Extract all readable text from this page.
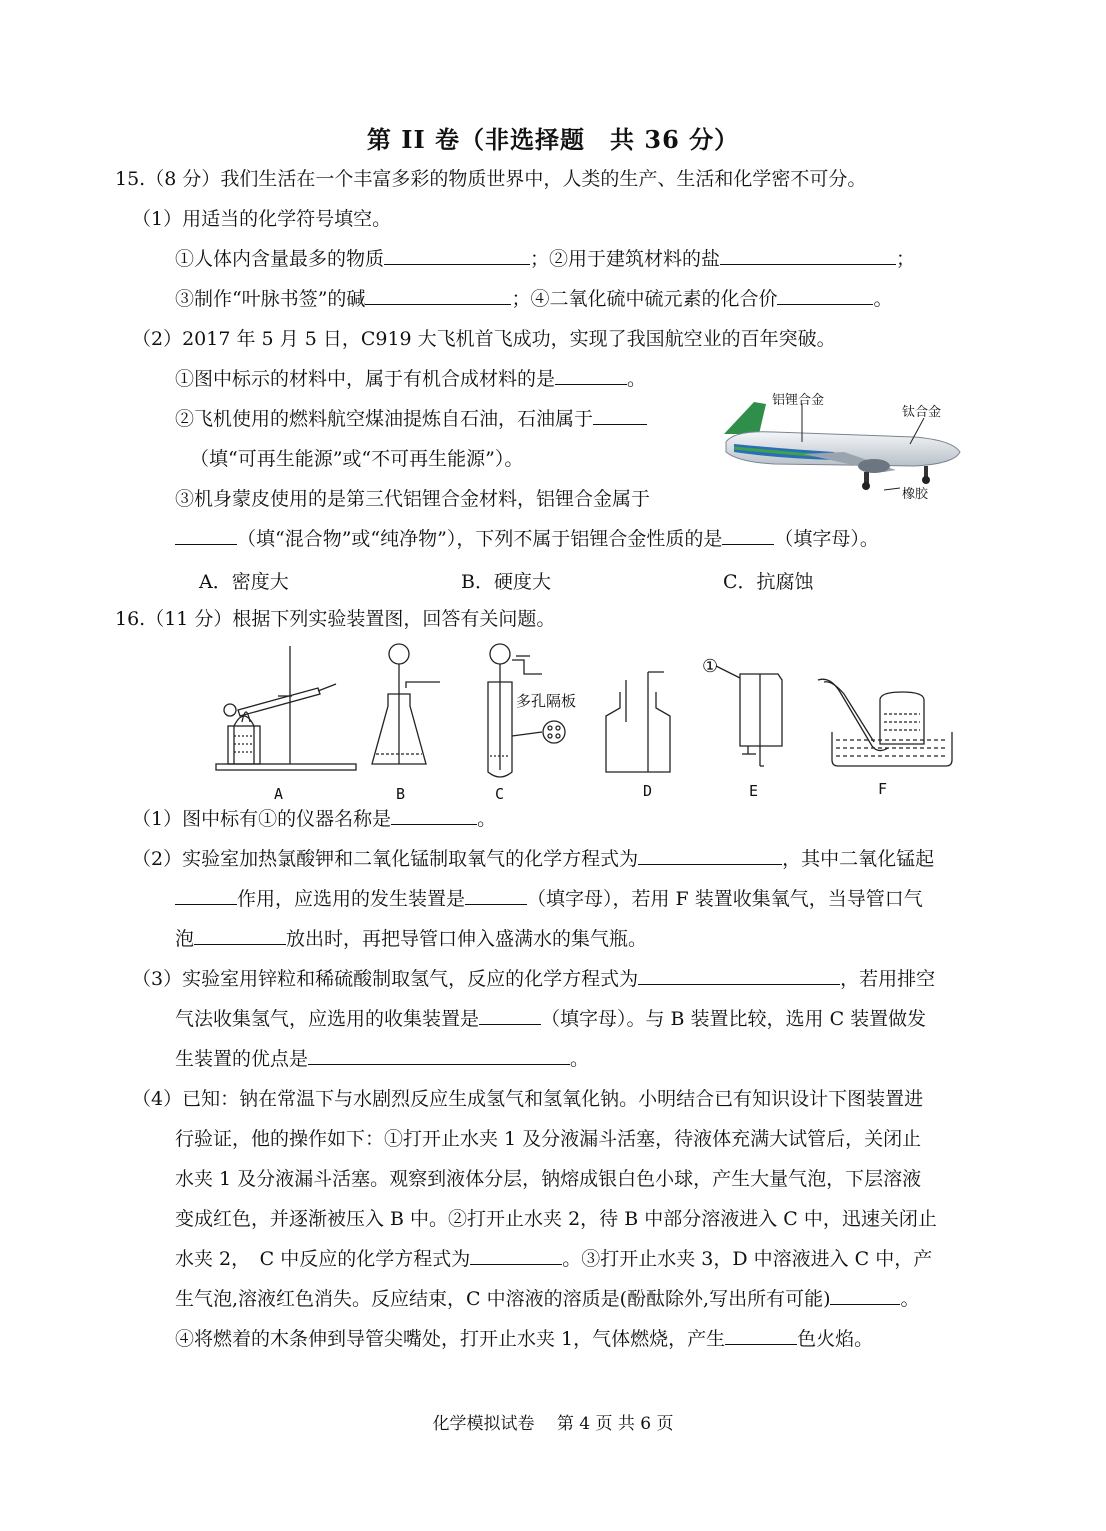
第 II 卷（非选择题　共 36 分）
15.（8 分）我们生活在一个丰富多彩的物质世界中，人类的生产、生活和化学密不可分。
（1）用适当的化学符号填空。
①人体内含量最多的物质	；②用于建筑材料的盐	；
③制作“叶脉书签”的碱	；④二氧化硫中硫元素的化合价	。
（2）2017 年 5 月 5 日，C919 大飞机首飞成功，实现了我国航空业的百年突破。
①图中标示的材料中，属于有机合成材料的是	。
②飞机使用的燃料航空煤油提炼自石油，石油属于
（填“可再生能源”或“不可再生能源”）。
③机身蒙皮使用的是第三代铝锂合金材料，铝锂合金属于
（填“混合物”或“纯净物”），下列不属于铝锂合金性质的是	（填字母）。
A．密度大	B．硬度大	C．抗腐蚀
铝锂合金
钛合金
橡胶
16.（11 分）根据下列实验装置图，回答有关问题。
多孔隔板
①
A	B	C	D	E	F
（1）图中标有①的仪器名称是	。
（2）实验室加热氯酸钾和二氧化锰制取氧气的化学方程式为	，其中二氧化锰起
作用，应选用的发生装置是	（填字母），若用 F 装置收集氧气，当导管口气
泡	放出时，再把导管口伸入盛满水的集气瓶。
（3）实验室用锌粒和稀硫酸制取氢气，反应的化学方程式为	，若用排空
气法收集氢气，应选用的收集装置是	（填字母）。与 B 装置比较，选用 C 装置做发
生装置的优点是	。
（4）已知：钠在常温下与水剧烈反应生成氢气和氢氧化钠。小明结合已有知识设计下图装置进
行验证，他的操作如下：①打开止水夹 1 及分液漏斗活塞，待液体充满大试管后，关闭止
水夹 1 及分液漏斗活塞。观察到液体分层，钠熔成银白色小球，产生大量气泡，下层溶液
变成红色，并逐渐被压入 B 中。②打开止水夹 2，待 B 中部分溶液进入 C 中，迅速关闭止
水夹 2，　C 中反应的化学方程式为	。③打开止水夹 3，D 中溶液进入 C 中，产
生气泡,溶液红色消失。反应结束，C 中溶液的溶质是(酚酞除外,写出所有可能)	。
④将燃着的木条伸到导管尖嘴处，打开止水夹 1，气体燃烧，产生	色火焰。
化学模拟试卷　 第 4 页 共 6 页
